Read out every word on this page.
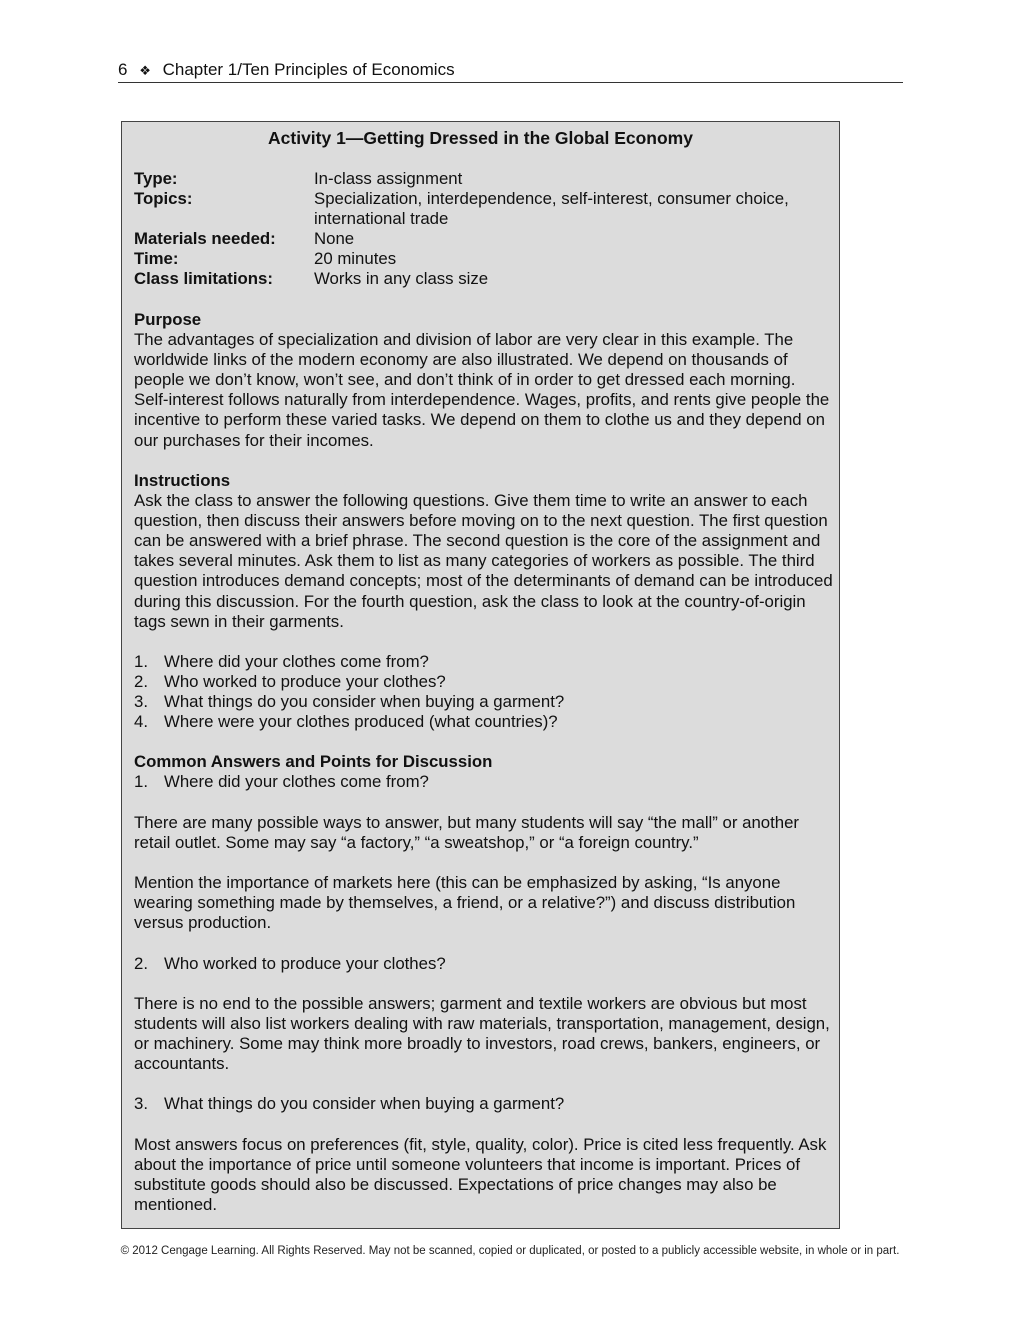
6 ❖ Chapter 1/Ten Principles of Economics
Activity 1—Getting Dressed in the Global Economy
Type:	In-class assignment
Topics:	Specialization, interdependence, self-interest, consumer choice, international trade
Materials needed:	None
Time:	20 minutes
Class limitations:	Works in any class size
Purpose

The advantages of specialization and division of labor are very clear in this example. The worldwide links of the modern economy are also illustrated. We depend on thousands of people we don’t know, won’t see, and don’t think of in order to get dressed each morning. Self-interest follows naturally from interdependence. Wages, profits, and rents give people the incentive to perform these varied tasks. We depend on them to clothe us and they depend on our purchases for their incomes.

Instructions

Ask the class to answer the following questions. Give them time to write an answer to each question, then discuss their answers before moving on to the next question. The first question can be answered with a brief phrase. The second question is the core of the assignment and takes several minutes. Ask them to list as many categories of workers as possible. The third question introduces demand concepts; most of the determinants of demand can be introduced during this discussion. For the fourth question, ask the class to look at the country-of-origin tags sewn in their garments.

1. Where did your clothes come from?
2. Who worked to produce your clothes?
3. What things do you consider when buying a garment?
4. Where were your clothes produced (what countries)?
Common Answers and Points for Discussion
1. Where did your clothes come from?

There are many possible ways to answer, but many students will say “the mall” or another retail outlet. Some may say “a factory,” “a sweatshop,” or “a foreign country.”

Mention the importance of markets here (this can be emphasized by asking, “Is anyone wearing something made by themselves, a friend, or a relative?”) and discuss distribution versus production.

2. Who worked to produce your clothes?

There is no end to the possible answers; garment and textile workers are obvious but most students will also list workers dealing with raw materials, transportation, management, design, or machinery. Some may think more broadly to investors, road crews, bankers, engineers, or accountants.

3. What things do you consider when buying a garment?

Most answers focus on preferences (fit, style, quality, color). Price is cited less frequently. Ask about the importance of price until someone volunteers that income is important. Prices of substitute goods should also be discussed. Expectations of price changes may also be mentioned.

© 2012 Cengage Learning. All Rights Reserved. May not be scanned, copied or duplicated, or posted to a publicly accessible website, in whole or in part.
